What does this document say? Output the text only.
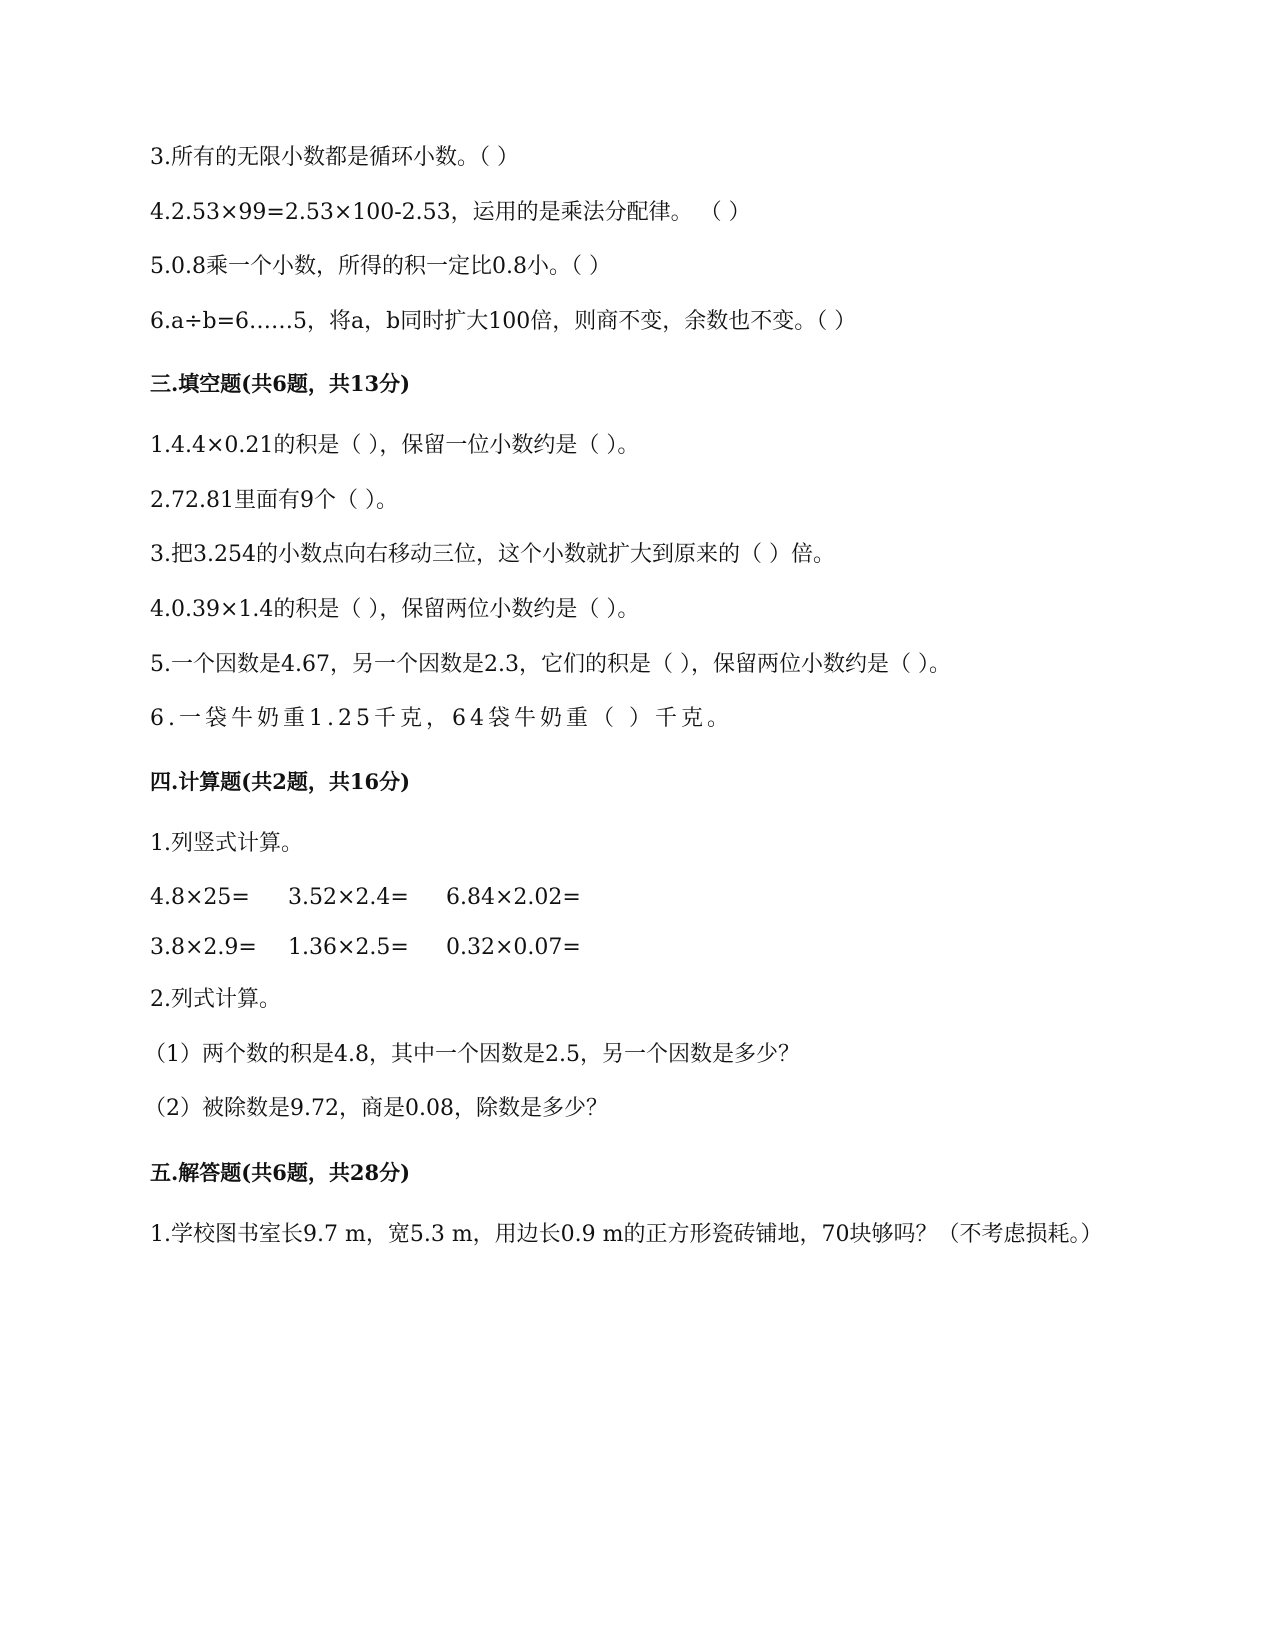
3.所有的无限小数都是循环小数。（ ）

4.2.53×99=2.53×100-2.53，运用的是乘法分配律。 （ ）

5.0.8乘一个小数，所得的积一定比0.8小。（ ）

6.a÷b=6……5，将a，b同时扩大100倍，则商不变，余数也不变。（ ）

三.填空题(共6题，共13分)

1.4.4×0.21的积是（ ），保留一位小数约是（ ）。

2.72.81里面有9个（ ）。

3.把3.254的小数点向右移动三位，这个小数就扩大到原来的（ ）倍。

4.0.39×1.4的积是（ ），保留两位小数约是（ ）。

5.一个因数是4.67，另一个因数是2.3，它们的积是（ ），保留两位小数约是（ ）。

6.一袋牛奶重1.25千克，64袋牛奶重（ ）千克。

四.计算题(共2题，共16分)

1.列竖式计算。

4.8×25= 3.52×2.4= 6.84×2.02=
3.8×2.9= 1.36×2.5= 0.32×0.07=

2.列式计算。

（1）两个数的积是4.8，其中一个因数是2.5，另一个因数是多少？

（2）被除数是9.72，商是0.08，除数是多少？

五.解答题(共6题，共28分)

1.学校图书室长9.7 m，宽5.3 m，用边长0.9 m的正方形瓷砖铺地，70块够吗？（不考虑损耗。）
